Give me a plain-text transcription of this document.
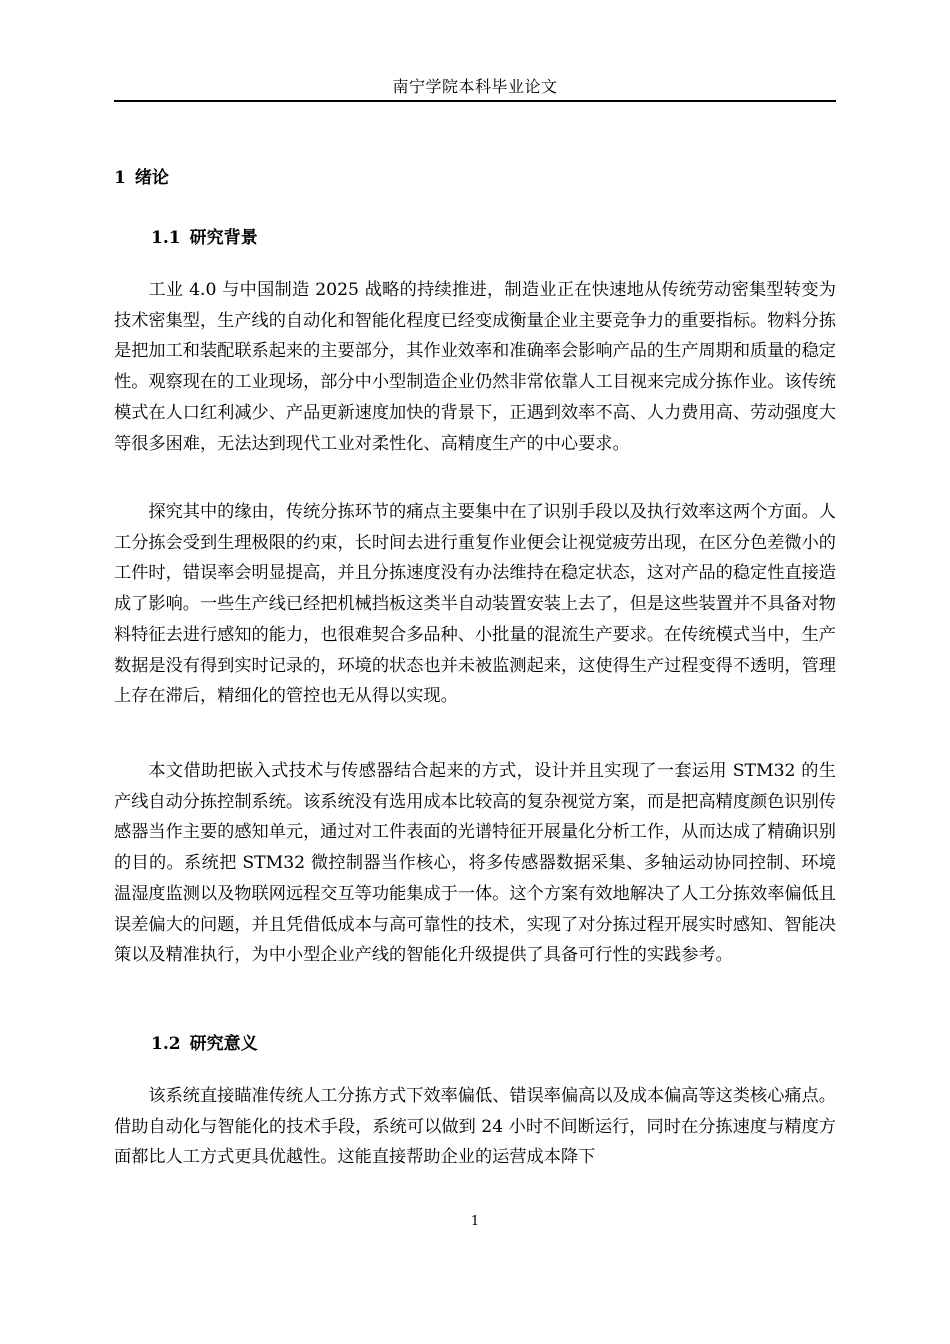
南宁学院本科毕业论文
1 绪论
1.1 研究背景

工业 4.0 与中国制造 2025 战略的持续推进，制造业正在快速地从传统劳动密集型转变为技术密集型，生产线的自动化和智能化程度已经变成衡量企业主要竞争力的重要指标。物料分拣是把加工和装配联系起来的主要部分，其作业效率和准确率会影响产品的生产周期和质量的稳定性。观察现在的工业现场，部分中小型制造企业仍然非常依靠人工目视来完成分拣作业。该传统模式在人口红利减少、产品更新速度加快的背景下，正遇到效率不高、人力费用高、劳动强度大等很多困难，无法达到现代工业对柔性化、高精度生产的中心要求。

探究其中的缘由，传统分拣环节的痛点主要集中在了识别手段以及执行效率这两个方面。人工分拣会受到生理极限的约束，长时间去进行重复作业便会让视觉疲劳出现，在区分色差微小的工件时，错误率会明显提高，并且分拣速度没有办法维持在稳定状态，这对产品的稳定性直接造成了影响。一些生产线已经把机械挡板这类半自动装置安装上去了，但是这些装置并不具备对物料特征去进行感知的能力，也很难契合多品种、小批量的混流生产要求。在传统模式当中，生产数据是没有得到实时记录的，环境的状态也并未被监测起来，这使得生产过程变得不透明，管理上存在滞后，精细化的管控也无从得以实现。

本文借助把嵌入式技术与传感器结合起来的方式，设计并且实现了一套运用 STM32 的生产线自动分拣控制系统。该系统没有选用成本比较高的复杂视觉方案，而是把高精度颜色识别传感器当作主要的感知单元，通过对工件表面的光谱特征开展量化分析工作，从而达成了精确识别的目的。系统把 STM32 微控制器当作核心，将多传感器数据采集、多轴运动协同控制、环境温湿度监测以及物联网远程交互等功能集成于一体。这个方案有效地解决了人工分拣效率偏低且误差偏大的问题，并且凭借低成本与高可靠性的技术，实现了对分拣过程开展实时感知、智能决策以及精准执行，为中小型企业产线的智能化升级提供了具备可行性的实践参考。

1.2 研究意义

该系统直接瞄准传统人工分拣方式下效率偏低、错误率偏高以及成本偏高等这类核心痛点。借助自动化与智能化的技术手段，系统可以做到 24 小时不间断运行，同时在分拣速度与精度方面都比人工方式更具优越性。这能直接帮助企业的运营成本降下

1
